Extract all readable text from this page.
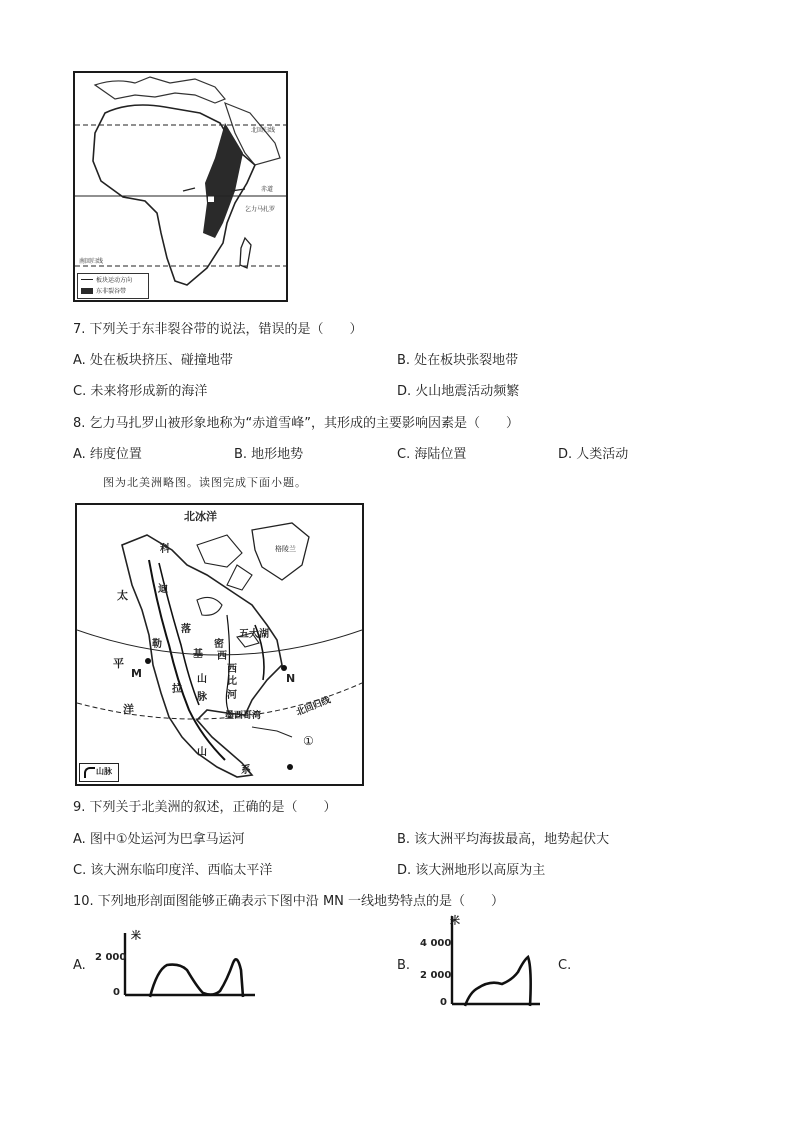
北回归线
赤道
乞力马扎罗
南回归线
板块运动方向
东非裂谷带
7. 下列关于东非裂谷带的说法，错误的是（　　）
A. 处在板块挤压、碰撞地带	B. 处在板块张裂地带
C. 未来将形成新的海洋	D. 火山地震活动频繁
8. 乞力马扎罗山被形象地称为“赤道雪峰”，其形成的主要影响因素是（　　）
A. 纬度位置	B. 地形地势	C. 海陆位置	D. 人类活动
图为北美洲略图。读图完成下面小题。
北冰洋
格陵兰
太
平
洋
科
迪
勒
拉
落
基
山
脉
五大湖
密
西
西
比
河
M	N
北回归线
墨西哥湾
①
山
系
山脉
9. 下列关于北美洲的叙述，正确的是（　　）
A. 图中①处运河为巴拿马运河	B. 该大洲平均海拔最高，地势起伏大
C. 该大洲东临印度洋、西临太平洋	D. 该大洲地形以高原为主
10. 下列地形剖面图能够正确表示下图中沿 MN 一线地势特点的是（　　）
A.
米
2 000
0
B.
米
4 000
2 000
0
C.
